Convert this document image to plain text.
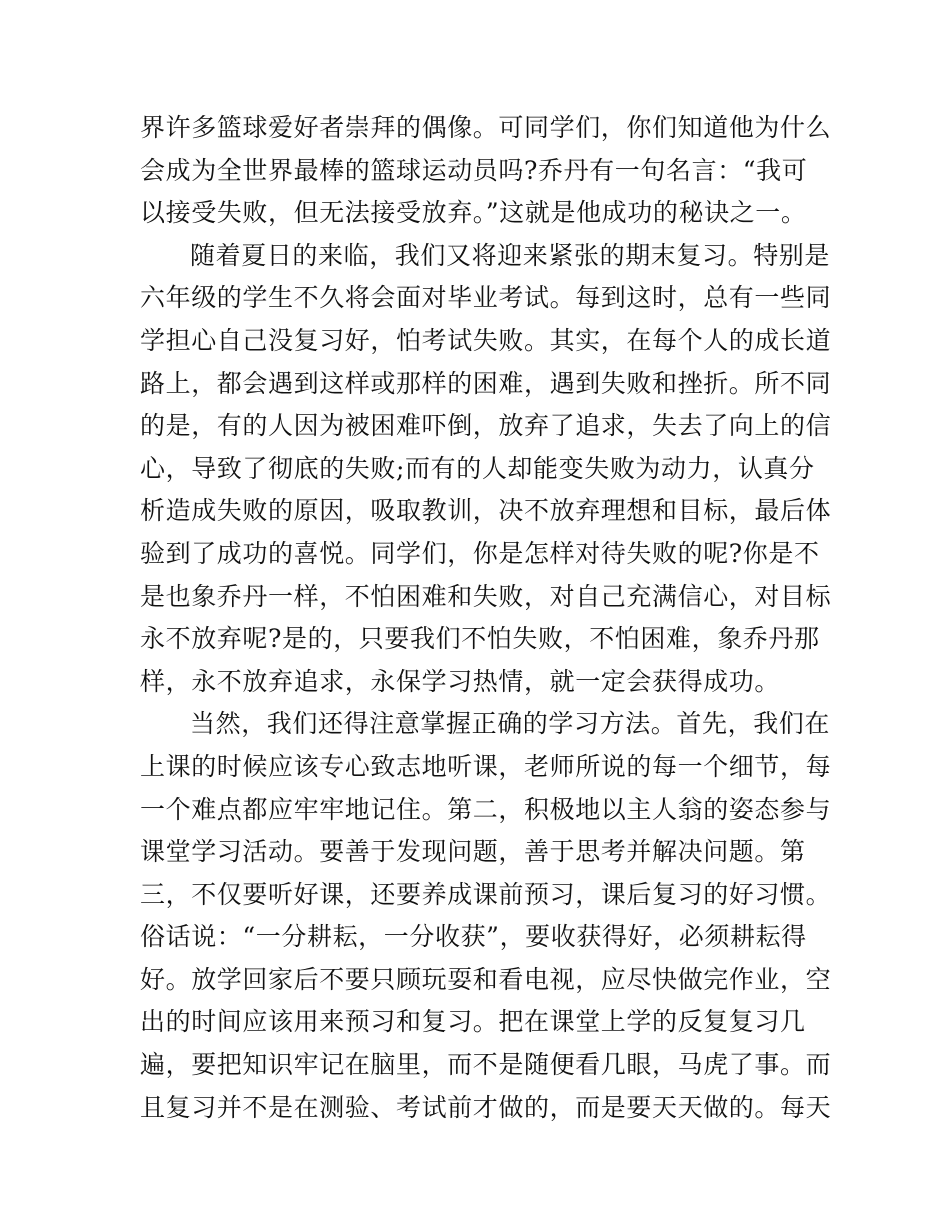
界许多篮球爱好者崇拜的偶像。可同学们，你们知道他为什么
会成为全世界最棒的篮球运动员吗?乔丹有一句名言：“我可
以接受失败，但无法接受放弃。”这就是他成功的秘诀之一。
随着夏日的来临，我们又将迎来紧张的期末复习。特别是
六年级的学生不久将会面对毕业考试。每到这时，总有一些同
学担心自己没复习好，怕考试失败。其实，在每个人的成长道
路上，都会遇到这样或那样的困难，遇到失败和挫折。所不同
的是，有的人因为被困难吓倒，放弃了追求，失去了向上的信
心，导致了彻底的失败;而有的人却能变失败为动力，认真分
析造成失败的原因，吸取教训，决不放弃理想和目标，最后体
验到了成功的喜悦。同学们，你是怎样对待失败的呢?你是不
是也象乔丹一样，不怕困难和失败，对自己充满信心，对目标
永不放弃呢?是的，只要我们不怕失败，不怕困难，象乔丹那
样，永不放弃追求，永保学习热情，就一定会获得成功。
当然，我们还得注意掌握正确的学习方法。首先，我们在
上课的时候应该专心致志地听课，老师所说的每一个细节，每
一个难点都应牢牢地记住。第二，积极地以主人翁的姿态参与
课堂学习活动。要善于发现问题，善于思考并解决问题。第
三，不仅要听好课，还要养成课前预习，课后复习的好习惯。
俗话说：“一分耕耘，一分收获”，要收获得好，必须耕耘得
好。放学回家后不要只顾玩耍和看电视，应尽快做完作业，空
出的时间应该用来预习和复习。把在课堂上学的反复复习几
遍，要把知识牢记在脑里，而不是随便看几眼，马虎了事。而
且复习并不是在测验、考试前才做的，而是要天天做的。每天
